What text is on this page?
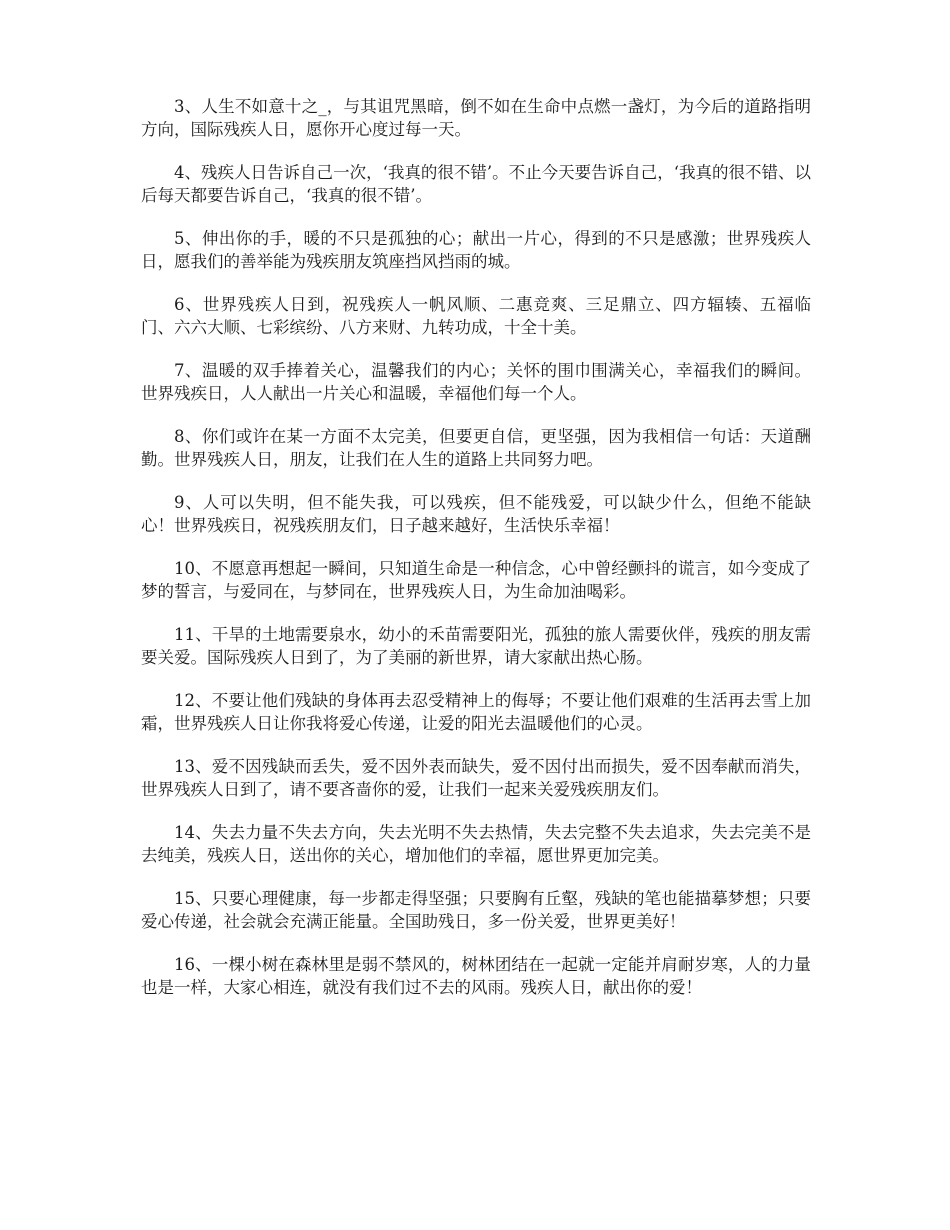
3、人生不如意十之_，与其诅咒黑暗，倒不如在生命中点燃一盏灯，为今后的道路指明方向，国际残疾人日，愿你开心度过每一天。

4、残疾人日告诉自己一次，‘我真的很不错’。不止今天要告诉自己，‘我真的很不错、以后每天都要告诉自己，‘我真的很不错’。

5、伸出你的手，暖的不只是孤独的心；献出一片心，得到的不只是感激；世界残疾人日，愿我们的善举能为残疾朋友筑座挡风挡雨的城。

6、世界残疾人日到，祝残疾人一帆风顺、二惠竞爽、三足鼎立、四方辐辏、五福临门、六六大顺、七彩缤纷、八方来财、九转功成，十全十美。

7、温暖的双手捧着关心，温馨我们的内心；关怀的围巾围满关心，幸福我们的瞬间。世界残疾日，人人献出一片关心和温暖，幸福他们每一个人。

8、你们或许在某一方面不太完美，但要更自信，更坚强，因为我相信一句话：天道酬勤。世界残疾人日，朋友，让我们在人生的道路上共同努力吧。

9、人可以失明，但不能失我，可以残疾，但不能残爱，可以缺少什么，但绝不能缺心！世界残疾日，祝残疾朋友们，日子越来越好，生活快乐幸福！

10、不愿意再想起一瞬间，只知道生命是一种信念，心中曾经颤抖的谎言，如今变成了梦的誓言，与爱同在，与梦同在，世界残疾人日，为生命加油喝彩。

11、干旱的土地需要泉水，幼小的禾苗需要阳光，孤独的旅人需要伙伴，残疾的朋友需要关爱。国际残疾人日到了，为了美丽的新世界，请大家献出热心肠。

12、不要让他们残缺的身体再去忍受精神上的侮辱；不要让他们艰难的生活再去雪上加霜，世界残疾人日让你我将爱心传递，让爱的阳光去温暖他们的心灵。

13、爱不因残缺而丢失，爱不因外表而缺失，爱不因付出而损失，爱不因奉献而消失，世界残疾人日到了，请不要吝啬你的爱，让我们一起来关爱残疾朋友们。

14、失去力量不失去方向，失去光明不失去热情，失去完整不失去追求，失去完美不是去纯美，残疾人日，送出你的关心，增加他们的幸福，愿世界更加完美。

15、只要心理健康，每一步都走得坚强；只要胸有丘壑，残缺的笔也能描摹梦想；只要爱心传递，社会就会充满正能量。全国助残日，多一份关爱，世界更美好！

16、一棵小树在森林里是弱不禁风的，树林团结在一起就一定能并肩耐岁寒，人的力量也是一样，大家心相连，就没有我们过不去的风雨。残疾人日，献出你的爱！
